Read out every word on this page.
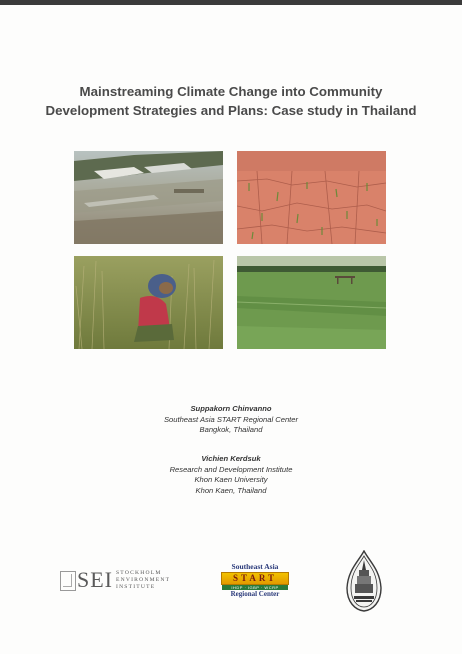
Mainstreaming Climate Change into Community
Development Strategies and Plans: Case study in Thailand
Suppakorn Chinvanno
Southeast Asia START Regional Center
Bangkok, Thailand
Vichien Kerdsuk
Research and Development Institute
Khon Kaen University
Khon Kaen, Thailand
SEI STOCKHOLM
ENVIRONMENT
INSTITUTE
Southeast Asia
START
IHDP · IGBP · WCRP
Regional Center
